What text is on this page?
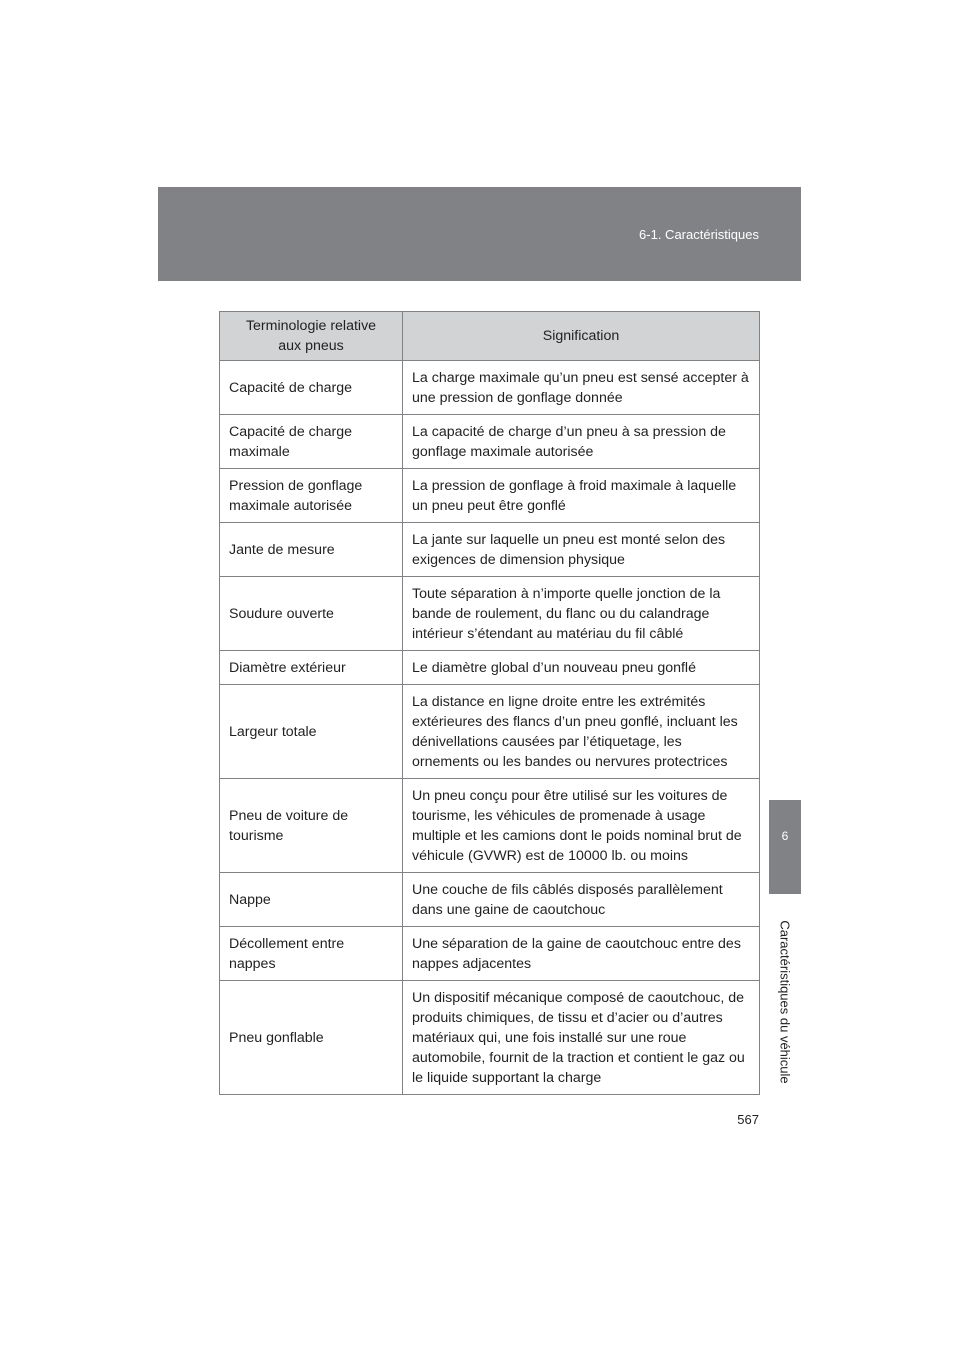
6-1. Caractéristiques
Terminologie relative
aux pneus	Signification
Capacité de charge	La charge maximale qu’un pneu est sensé accepter à une pression de gonflage donnée
Capacité de charge maximale	La capacité de charge d’un pneu à sa pression de gonflage maximale autorisée
Pression de gonflage maximale autorisée	La pression de gonflage à froid maximale à laquelle un pneu peut être gonflé
Jante de mesure	La jante sur laquelle un pneu est monté selon des exigences de dimension physique
Soudure ouverte	Toute séparation à n’importe quelle jonction de la bande de roulement, du flanc ou du calandrage intérieur s’étendant au matériau du fil câblé
Diamètre extérieur	Le diamètre global d’un nouveau pneu gonflé
Largeur totale	La distance en ligne droite entre les extrémités extérieures des flancs d’un pneu gonflé, incluant les dénivellations causées par l’étiquetage, les ornements ou les bandes ou nervures protectrices
Pneu de voiture de tourisme	Un pneu conçu pour être utilisé sur les voitures de tourisme, les véhicules de promenade à usage multiple et les camions dont le poids nominal brut de véhicule (GVWR) est de 10000 lb. ou moins
Nappe	Une couche de fils câblés disposés parallèlement dans une gaine de caoutchouc
Décollement entre nappes	Une séparation de la gaine de caoutchouc entre des nappes adjacentes
Pneu gonflable	Un dispositif mécanique composé de caoutchouc, de produits chimiques, de tissu et d’acier ou d’autres matériaux qui, une fois installé sur une roue automobile, fournit de la traction et contient le gaz ou le liquide supportant la charge
6
Caractéristiques du véhicule
567
